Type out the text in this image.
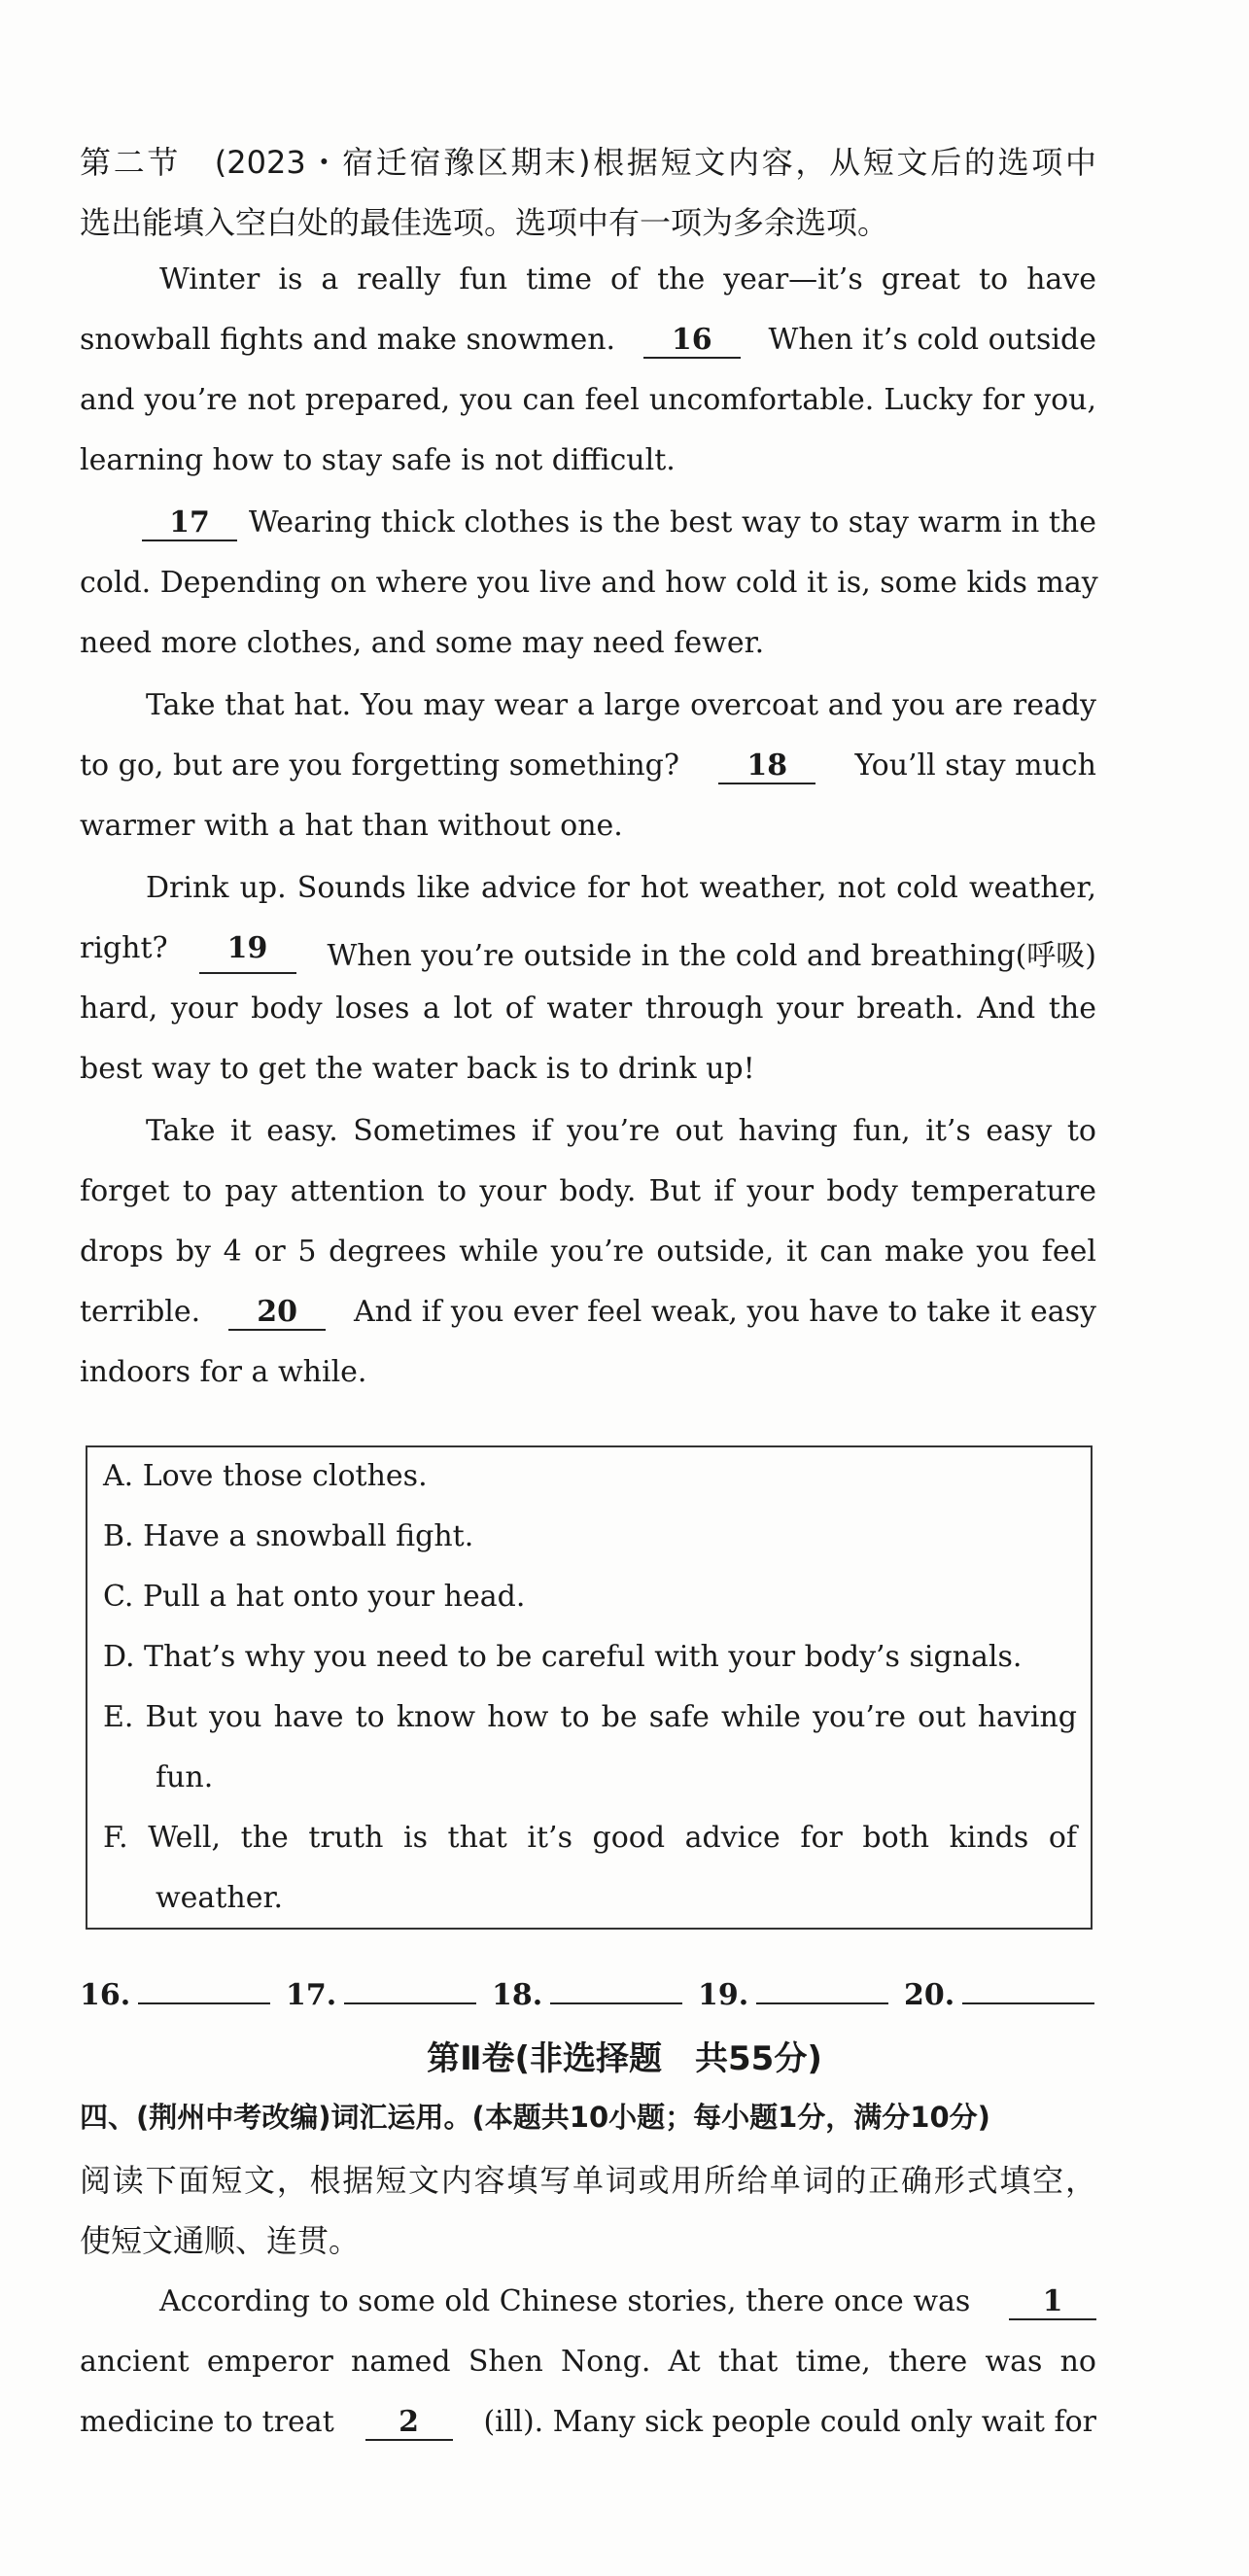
第二节　(2023・宿迁宿豫区期末)根据短文内容，从短文后的选项中
选出能填入空白处的最佳选项。选项中有一项为多余选项。
Winter is a really fun time of the year—it’s great to have
snowball fights and make snowmen.	16	When it’s cold outside
and you’re not prepared, you can feel uncomfortable. Lucky for you,
learning how to stay safe is not difficult.
17	Wearing thick clothes is the best way to stay warm in the
cold. Depending on where you live and how cold it is, some kids may
need more clothes, and some may need fewer.
Take that hat. You may wear a large overcoat and you are ready
to go, but are you forgetting something?	18	You’ll stay much
warmer with a hat than without one.
Drink up. Sounds like advice for hot weather, not cold weather,
right?	19	When you’re outside in the cold and breathing(呼吸)
hard, your body loses a lot of water through your breath. And the
best way to get the water back is to drink up!
Take it easy. Sometimes if you’re out having fun, it’s easy to
forget to pay attention to your body. But if your body temperature
drops by 4 or 5 degrees while you’re outside, it can make you feel
terrible.	20	And if you ever feel weak, you have to take it easy
indoors for a while.
A. Love those clothes.
B. Have a snowball fight.
C. Pull a hat onto your head.
D. That’s why you need to be careful with your body’s signals.
E. But you have to know how to be safe while you’re out having
fun.
F. Well, the truth is that it’s good advice for both kinds of
weather.
16.	17.	18.	19.	20.
第Ⅱ卷(非选择题　共55分)
四、(荆州中考改编)词汇运用。(本题共10小题；每小题1分，满分10分)
阅读下面短文，根据短文内容填写单词或用所给单词的正确形式填空，
使短文通顺、连贯。
According to some old Chinese stories, there once was	1
ancient emperor named Shen Nong. At that time, there was no
medicine to treat	2	(ill). Many sick people could only wait for
